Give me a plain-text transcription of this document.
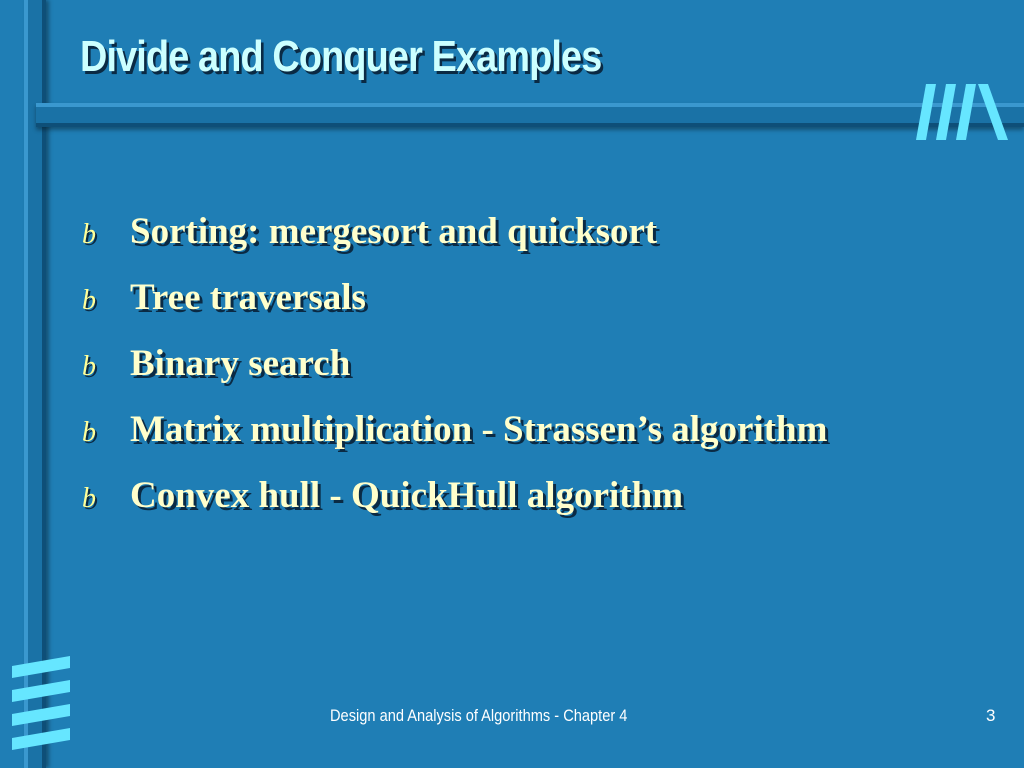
Divide and Conquer Examples
b Sorting: mergesort and quicksort
b Tree traversals
b Binary search
b Matrix multiplication - Strassen’s algorithm
b Convex hull - QuickHull algorithm
Design and Analysis of Algorithms - Chapter 4	3
